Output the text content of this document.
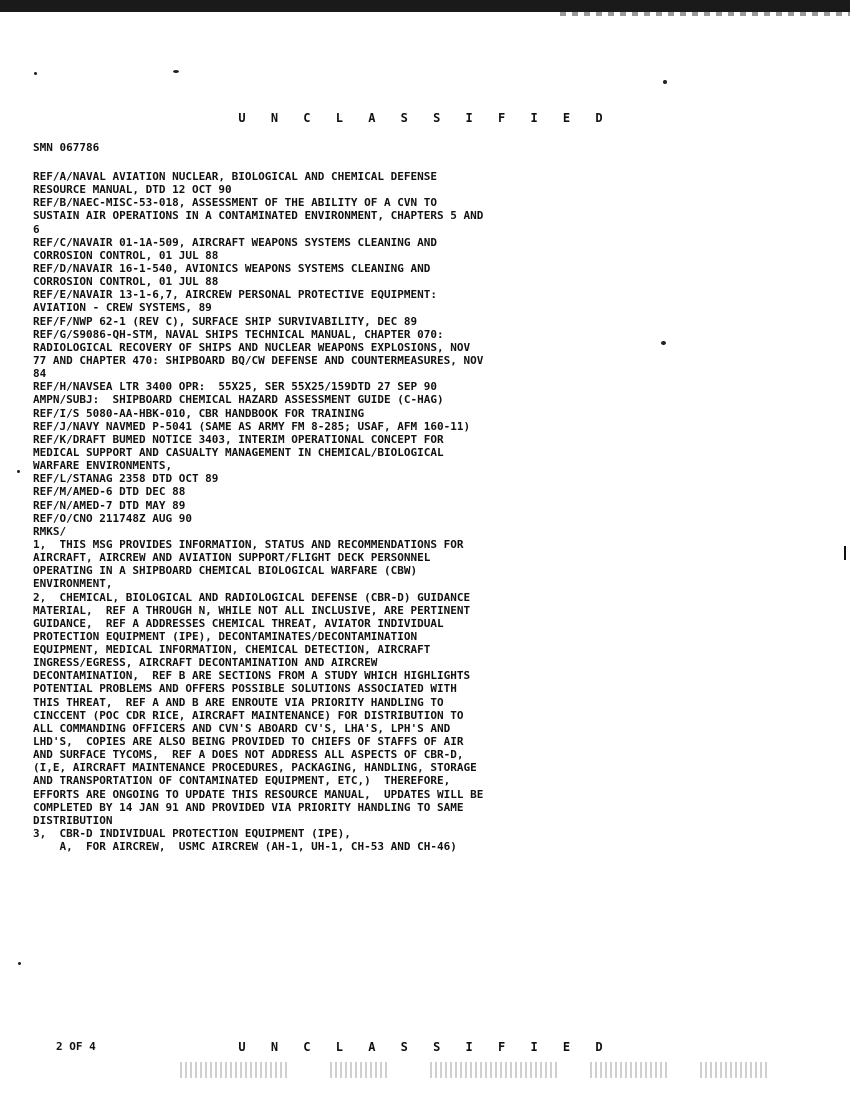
U N C L A S S I F I E D
SMN 067786
REF/A/NAVAL AVIATION NUCLEAR, BIOLOGICAL AND CHEMICAL DEFENSE
RESOURCE MANUAL, DTD 12 OCT 90
REF/B/NAEC-MISC-53-018, ASSESSMENT OF THE ABILITY OF A CVN TO
SUSTAIN AIR OPERATIONS IN A CONTAMINATED ENVIRONMENT, CHAPTERS 5 AND
6
REF/C/NAVAIR 01-1A-509, AIRCRAFT WEAPONS SYSTEMS CLEANING AND
CORROSION CONTROL, 01 JUL 88
REF/D/NAVAIR 16-1-540, AVIONICS WEAPONS SYSTEMS CLEANING AND
CORROSION CONTROL, 01 JUL 88
REF/E/NAVAIR 13-1-6,7, AIRCREW PERSONAL PROTECTIVE EQUIPMENT:
AVIATION - CREW SYSTEMS, 89
REF/F/NWP 62-1 (REV C), SURFACE SHIP SURVIVABILITY, DEC 89
REF/G/S9086-QH-STM, NAVAL SHIPS TECHNICAL MANUAL, CHAPTER 070:
RADIOLOGICAL RECOVERY OF SHIPS AND NUCLEAR WEAPONS EXPLOSIONS, NOV
77 AND CHAPTER 470: SHIPBOARD BQ/CW DEFENSE AND COUNTERMEASURES, NOV
84
REF/H/NAVSEA LTR 3400 OPR:  55X25, SER 55X25/159DTD 27 SEP 90
AMPN/SUBJ:  SHIPBOARD CHEMICAL HAZARD ASSESSMENT GUIDE (C-HAG)
REF/I/S 5080-AA-HBK-010, CBR HANDBOOK FOR TRAINING
REF/J/NAVY NAVMED P-5041 (SAME AS ARMY FM 8-285; USAF, AFM 160-11)
REF/K/DRAFT BUMED NOTICE 3403, INTERIM OPERATIONAL CONCEPT FOR
MEDICAL SUPPORT AND CASUALTY MANAGEMENT IN CHEMICAL/BIOLOGICAL
WARFARE ENVIRONMENTS,
REF/L/STANAG 2358 DTD OCT 89
REF/M/AMED-6 DTD DEC 88
REF/N/AMED-7 DTD MAY 89
REF/O/CNO 211748Z AUG 90
RMKS/
1,  THIS MSG PROVIDES INFORMATION, STATUS AND RECOMMENDATIONS FOR
AIRCRAFT, AIRCREW AND AVIATION SUPPORT/FLIGHT DECK PERSONNEL
OPERATING IN A SHIPBOARD CHEMICAL BIOLOGICAL WARFARE (CBW)
ENVIRONMENT,
2,  CHEMICAL, BIOLOGICAL AND RADIOLOGICAL DEFENSE (CBR-D) GUIDANCE
MATERIAL,  REF A THROUGH N, WHILE NOT ALL INCLUSIVE, ARE PERTINENT
GUIDANCE,  REF A ADDRESSES CHEMICAL THREAT, AVIATOR INDIVIDUAL
PROTECTION EQUIPMENT (IPE), DECONTAMINATES/DECONTAMINATION
EQUIPMENT, MEDICAL INFORMATION, CHEMICAL DETECTION, AIRCRAFT
INGRESS/EGRESS, AIRCRAFT DECONTAMINATION AND AIRCREW
DECONTAMINATION,  REF B ARE SECTIONS FROM A STUDY WHICH HIGHLIGHTS
POTENTIAL PROBLEMS AND OFFERS POSSIBLE SOLUTIONS ASSOCIATED WITH
THIS THREAT,  REF A AND B ARE ENROUTE VIA PRIORITY HANDLING TO
CINCCENT (POC CDR RICE, AIRCRAFT MAINTENANCE) FOR DISTRIBUTION TO
ALL COMMANDING OFFICERS AND CVN'S ABOARD CV'S, LHA'S, LPH'S AND
LHD'S,  COPIES ARE ALSO BEING PROVIDED TO CHIEFS OF STAFFS OF AIR
AND SURFACE TYCOMS,  REF A DOES NOT ADDRESS ALL ASPECTS OF CBR-D,
(I,E, AIRCRAFT MAINTENANCE PROCEDURES, PACKAGING, HANDLING, STORAGE
AND TRANSPORTATION OF CONTAMINATED EQUIPMENT, ETC,)  THEREFORE,
EFFORTS ARE ONGOING TO UPDATE THIS RESOURCE MANUAL,  UPDATES WILL BE
COMPLETED BY 14 JAN 91 AND PROVIDED VIA PRIORITY HANDLING TO SAME
DISTRIBUTION
3,  CBR-D INDIVIDUAL PROTECTION EQUIPMENT (IPE),
A,  FOR AIRCREW,  USMC AIRCREW (AH-1, UH-1, CH-53 AND CH-46)
2 OF 4	U N C L A S S I F I E D
